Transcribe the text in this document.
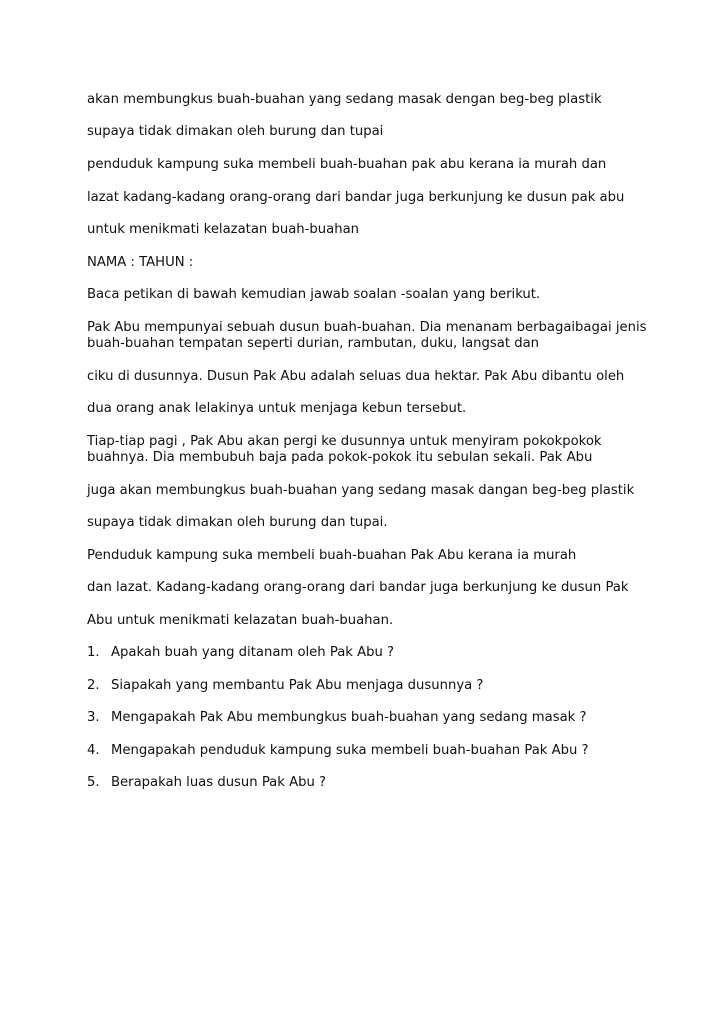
akan membungkus buah-buahan yang sedang masak dengan beg-beg plastik

supaya tidak dimakan oleh burung dan tupai

penduduk kampung suka membeli buah-buahan pak abu kerana ia murah dan

lazat kadang-kadang orang-orang dari bandar juga berkunjung ke dusun pak abu

untuk menikmati kelazatan buah-buahan

NAMA : TAHUN :

Baca petikan di bawah kemudian jawab soalan -soalan yang berikut.

Pak Abu mempunyai sebuah dusun buah-buahan. Dia menanam berbagaibagai jenis

buah-buahan tempatan seperti durian, rambutan, duku, langsat dan

ciku di dusunnya. Dusun Pak Abu adalah seluas dua hektar. Pak Abu dibantu oleh

dua orang anak lelakinya untuk menjaga kebun tersebut.

Tiap-tiap pagi , Pak Abu akan pergi ke dusunnya untuk menyiram pokokpokok

buahnya. Dia membubuh baja pada pokok-pokok itu sebulan sekali. Pak Abu

juga akan membungkus buah-buahan yang sedang masak dangan beg-beg plastik

supaya tidak dimakan oleh burung dan tupai.

Penduduk kampung suka membeli buah-buahan Pak Abu kerana ia murah

dan lazat. Kadang-kadang orang-orang dari bandar juga berkunjung ke dusun Pak

Abu untuk menikmati kelazatan buah-buahan.

1. Apakah buah yang ditanam oleh Pak Abu ?

2. Siapakah yang membantu Pak Abu menjaga dusunnya ?

3. Mengapakah Pak Abu membungkus buah-buahan yang sedang masak ?

4. Mengapakah penduduk kampung suka membeli buah-buahan Pak Abu ?

5. Berapakah luas dusun Pak Abu ?
